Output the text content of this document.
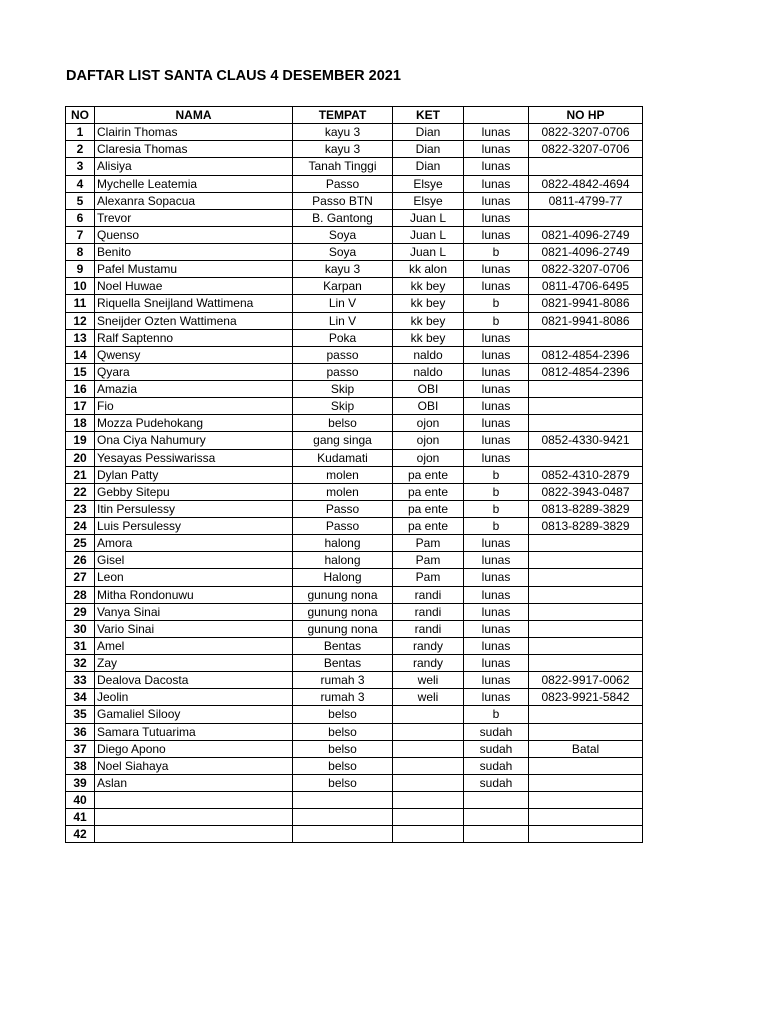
DAFTAR LIST SANTA CLAUS 4 DESEMBER 2021
NO	NAMA	TEMPAT	KET		NO HP
1	Clairin Thomas	kayu 3	Dian	lunas	0822-3207-0706
2	Claresia Thomas	kayu 3	Dian	lunas	0822-3207-0706
3	Alisiya	Tanah Tinggi	Dian	lunas	
4	Mychelle Leatemia	Passo	Elsye	lunas	0822-4842-4694
5	Alexanra Sopacua	Passo BTN	Elsye	lunas	0811-4799-77
6	Trevor	B. Gantong	Juan L	lunas	
7	Quenso	Soya	Juan L	lunas	0821-4096-2749
8	Benito	Soya	Juan L	b	0821-4096-2749
9	Pafel Mustamu	kayu 3	kk alon	lunas	0822-3207-0706
10	Noel Huwae	Karpan	kk bey	lunas	0811-4706-6495
11	Riquella Sneijland Wattimena	Lin V	kk bey	b	0821-9941-8086
12	Sneijder Ozten Wattimena	Lin V	kk bey	b	0821-9941-8086
13	Ralf Saptenno	Poka	kk bey	lunas	
14	Qwensy	passo	naldo	lunas	0812-4854-2396
15	Qyara	passo	naldo	lunas	0812-4854-2396
16	Amazia	Skip	OBI	lunas	
17	Fio	Skip	OBI	lunas	
18	Mozza Pudehokang	belso	ojon	lunas	
19	Ona Ciya Nahumury	gang singa	ojon	lunas	0852-4330-9421
20	Yesayas Pessiwarissa	Kudamati	ojon	lunas	
21	Dylan Patty	molen	pa ente	b	0852-4310-2879
22	Gebby Sitepu	molen	pa ente	b	0822-3943-0487
23	Itin Persulessy	Passo	pa ente	b	0813-8289-3829
24	Luis Persulessy	Passo	pa ente	b	0813-8289-3829
25	Amora	halong	Pam	lunas	
26	Gisel	halong	Pam	lunas	
27	Leon	Halong	Pam	lunas	
28	Mitha Rondonuwu	gunung nona	randi	lunas	
29	Vanya Sinai	gunung nona	randi	lunas	
30	Vario Sinai	gunung nona	randi	lunas	
31	Amel	Bentas	randy	lunas	
32	Zay	Bentas	randy	lunas	
33	Dealova Dacosta	rumah 3	weli	lunas	0822-9917-0062
34	Jeolin	rumah 3	weli	lunas	0823-9921-5842
35	Gamaliel Silooy	belso		b	
36	Samara Tutuarima	belso		sudah	
37	Diego Apono	belso		sudah	Batal
38	Noel Siahaya	belso		sudah	
39	Aslan	belso		sudah	
40					
41					
42					
